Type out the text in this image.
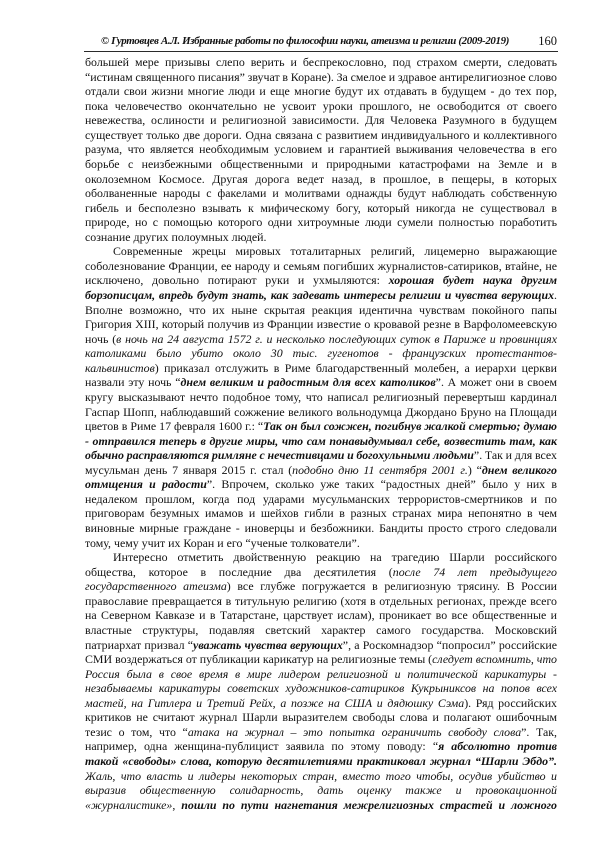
© Гуртовцев А.Л. Избранные работы по философии науки, атеизма и религии (2009-2019) 160
большей мере призывы слепо верить и беспрекословно, под страхом смерти, следовать
“истинам священного писания” звучат в Коране). За смелое и здравое антирелигиозное слово
отдали свои жизни многие люди и еще многие будут их отдавать в будущем - до тех пор,
пока человечество окончательно не усвоит уроки прошлого, не освободится от своего
невежества, ослиности и религиозной зависимости. Для Человека Разумного в будущем
существует только две дороги. Одна связана с развитием индивидуального и коллективного
разума, что является необходимым условием и гарантией выживания человечества в его
борьбе с неизбежными общественными и природными катастрофами на Земле и в
околоземном Космосе. Другая дорога ведет назад, в прошлое, в пещеры, в которых
оболваненные народы с факелами и молитвами однажды будут наблюдать собственную
гибель и бесполезно взывать к мифическому богу, который никогда не существовал в
природе, но с помощью которого одни хитроумные люди сумели полностью поработить
сознание других полоумных людей.
Современные жрецы мировых тоталитарных религий, лицемерно выражающие
соболезнование Франции, ее народу и семьям погибших журналистов-сатириков, втайне, не
исключено, довольно потирают руки и ухмыляются: хорошая будет наука другим
борзописцам, впредь будут знать, как задевать интересы религии и чувства верующих.
Вполне возможно, что их ныне скрытая реакция идентична чувствам покойного папы
Григория XIII, который получив из Франции известие о кровавой резне в Варфоломеевскую
ночь (в ночь на 24 августа 1572 г. и несколько последующих суток в Париже и провинциях
католиками было убито около 30 тыс. гугенотов - французских протестантов-
кальвинистов) приказал отслужить в Риме благодарственный молебен, а иерархи церкви
назвали эту ночь “днем великим и радостным для всех католиков”. А может они в своем
кругу высказывают нечто подобное тому, что написал религиозный перевертыш кардинал
Гаспар Шопп, наблюдавший сожжение великого вольнодумца Джордано Бруно на Площади
цветов в Риме 17 февраля 1600 г.: “Так он был сожжен, погибнув жалкой смертью; думаю
- отправился теперь в другие миры, что сам понавыдумывал себе, возвестить там, как
обычно расправляются римляне с нечестивцами и богохульными людьми”. Так и для всех
мусульман день 7 января 2015 г. стал (подобно дню 11 сентября 2001 г.) “днем великого
отмщения и радости”. Впрочем, сколько уже таких “радостных дней” было у них в
недалеком прошлом, когда под ударами мусульманских террористов-смертников и по
приговорам безумных имамов и шейхов гибли в разных странах мира непонятно в чем
виновные мирные граждане - иноверцы и безбожники. Бандиты просто строго следовали
тому, чему учит их Коран и его “ученые толкователи”.
Интересно отметить двойственную реакцию на трагедию Шарли российского
общества, которое в последние два десятилетия (после 74 лет предыдущего
государственного атеизма) все глубже погружается в религиозную трясину. В России
православие превращается в титульную религию (хотя в отдельных регионах, прежде всего
на Северном Кавказе и в Татарстане, царствует ислам), проникает во все общественные и
властные структуры, подавляя светский характер самого государства. Московский
патриархат призвал “уважать чувства верующих”, а Роскомнадзор “попросил” российские
СМИ воздержаться от публикации карикатур на религиозные темы (следует вспомнить, что
Россия была в свое время в мире лидером религиозной и политической карикатуры -
незабываемы карикатуры советских художников-сатириков Кукрыниксов на попов всех
мастей, на Гитлера и Третий Рейх, а позже на США и дядюшку Сэма). Ряд российских
критиков не считают журнал Шарли выразителем свободы слова и полагают ошибочным
тезис о том, что “атака на журнал – это попытка ограничить свободу слова”. Так,
например, одна женщина-публицист заявила по этому поводу: “я абсолютно против
такой «свободы» слова, которую десятилетиями практиковал журнал “Шарли Эбдо”.
Жаль, что власть и лидеры некоторых стран, вместо того чтобы, осудив убийство и
выразив общественную солидарность, дать оценку также и провокационной
«журналистике», пошли по пути нагнетания межрелигиозных страстей и ложного
